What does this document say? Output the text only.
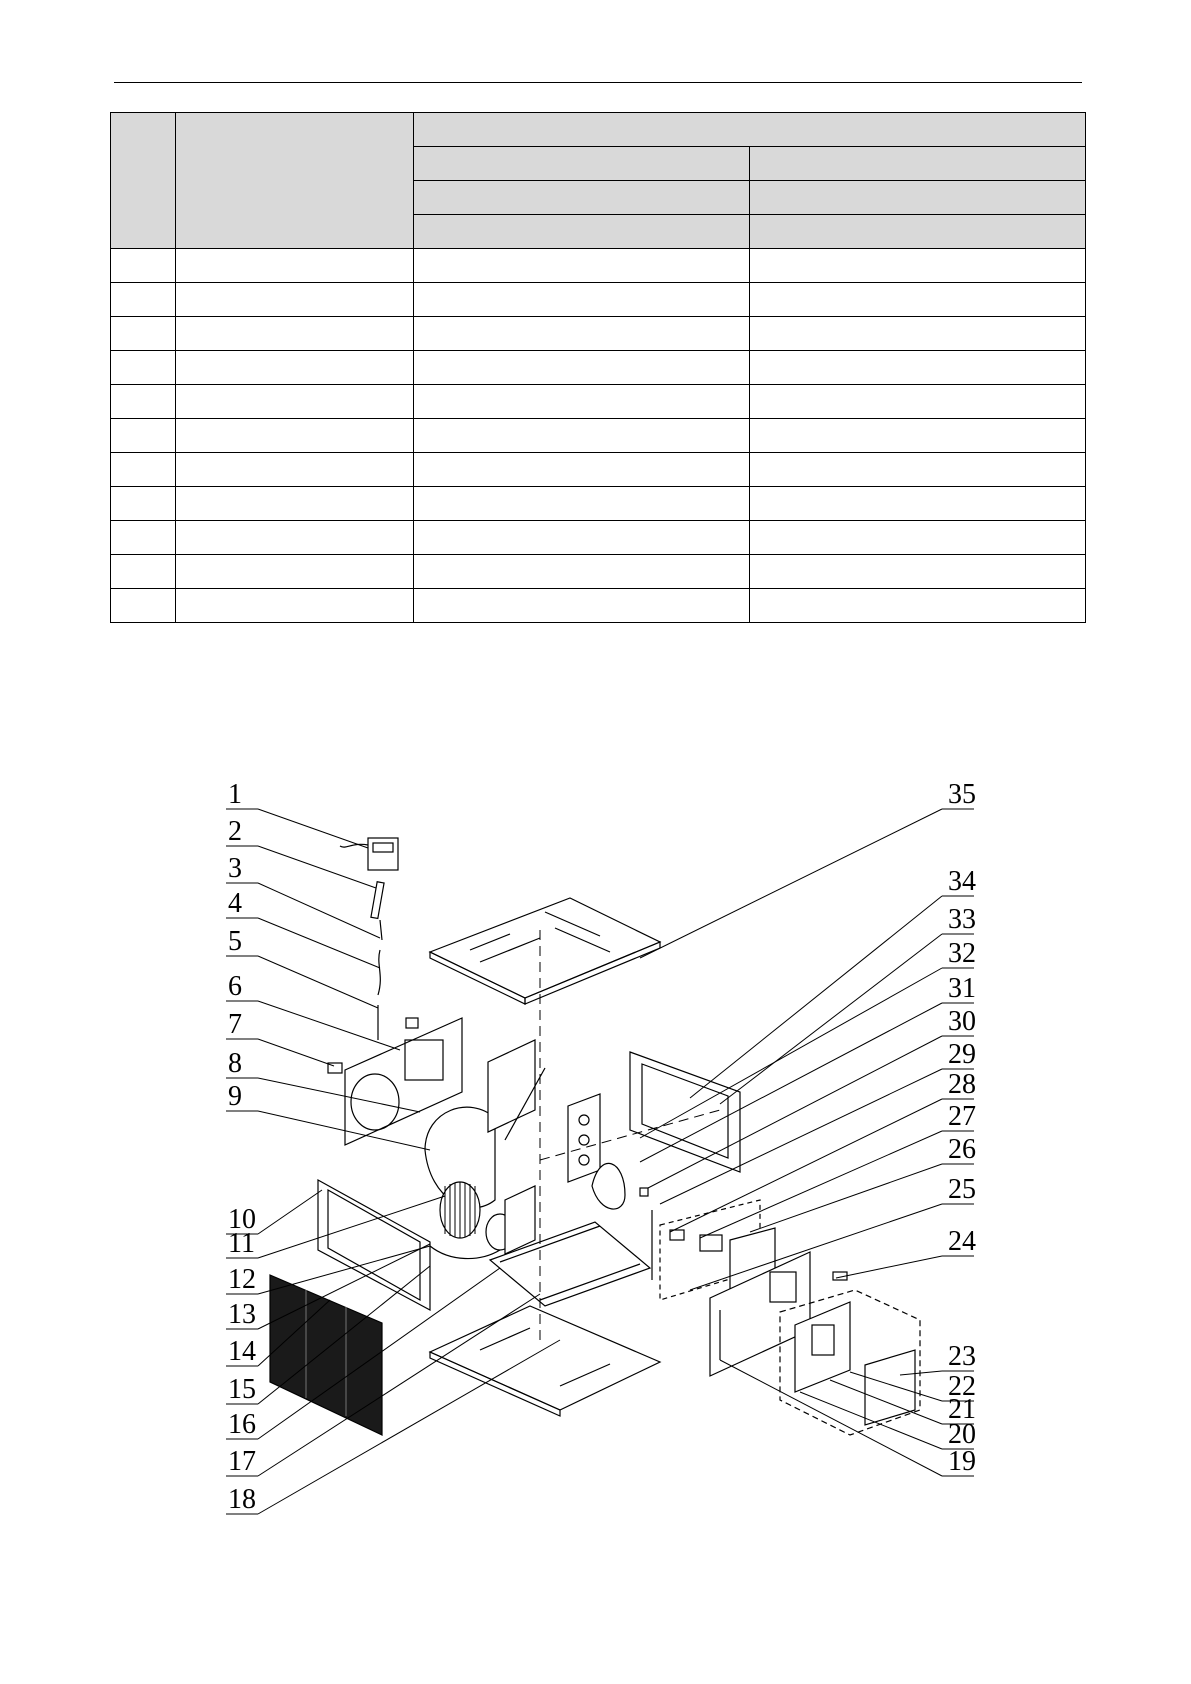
1
2
3
4
5
6
7
8
9
10
11
12
13
14
15
16
17
18
35
34
33
32
31
30
29
28
27
26
25
24
23
22
21
20
19
